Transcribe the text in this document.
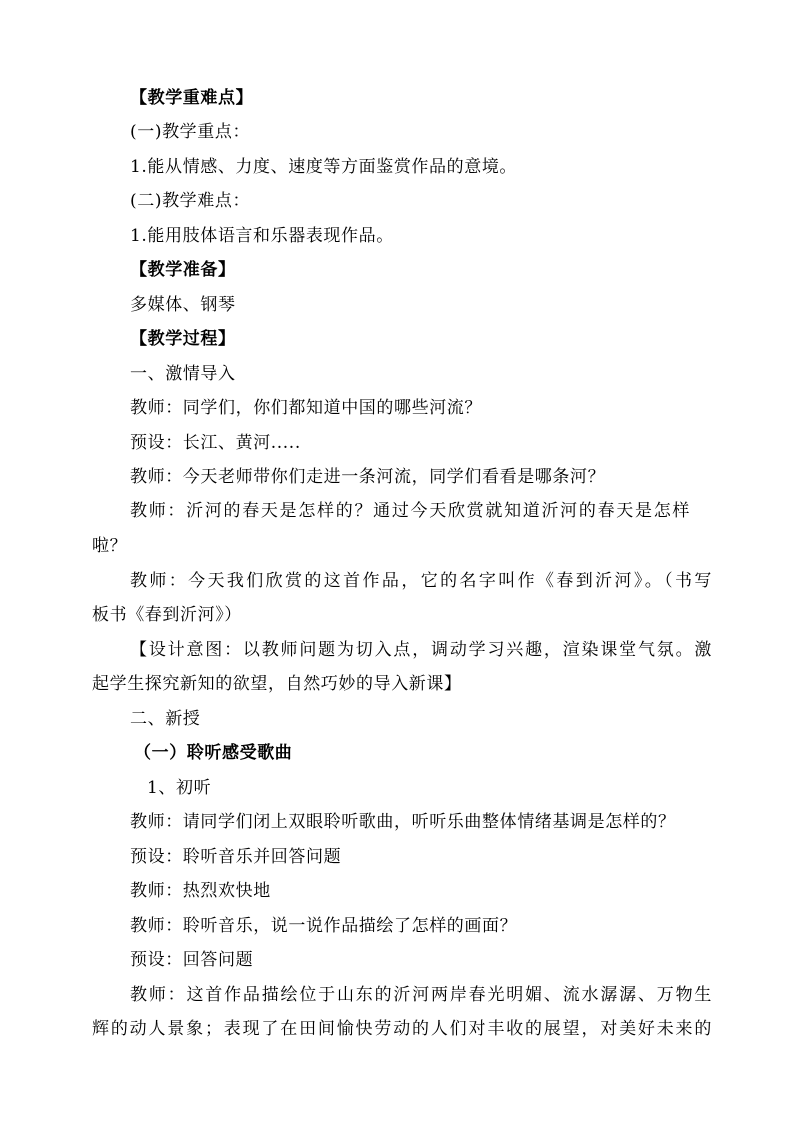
【教学重难点】
(一)教学重点：
1.能从情感、力度、速度等方面鉴赏作品的意境。
(二)教学难点：
1.能用肢体语言和乐器表现作品。
【教学准备】
多媒体、钢琴
【教学过程】
一、激情导入
教师：同学们，你们都知道中国的哪些河流？
预设：长江、黄河.....
教师：今天老师带你们走进一条河流，同学们看看是哪条河？
教师：沂河的春天是怎样的？通过今天欣赏就知道沂河的春天是怎样
啦？
教师：今天我们欣赏的这首作品，它的名字叫作《春到沂河》。（书写
板书《春到沂河》）
【设计意图：以教师问题为切入点，调动学习兴趣，渲染课堂气氛。激
起学生探究新知的欲望，自然巧妙的导入新课】
二、新授
（一）聆听感受歌曲
1、初听
教师：请同学们闭上双眼聆听歌曲，听听乐曲整体情绪基调是怎样的？
预设：聆听音乐并回答问题
教师：热烈欢快地
教师：聆听音乐，说一说作品描绘了怎样的画面？
预设：回答问题
教师：这首作品描绘位于山东的沂河两岸春光明媚、流水潺潺、万物生
辉的动人景象；表现了在田间愉快劳动的人们对丰收的展望，对美好未来的
